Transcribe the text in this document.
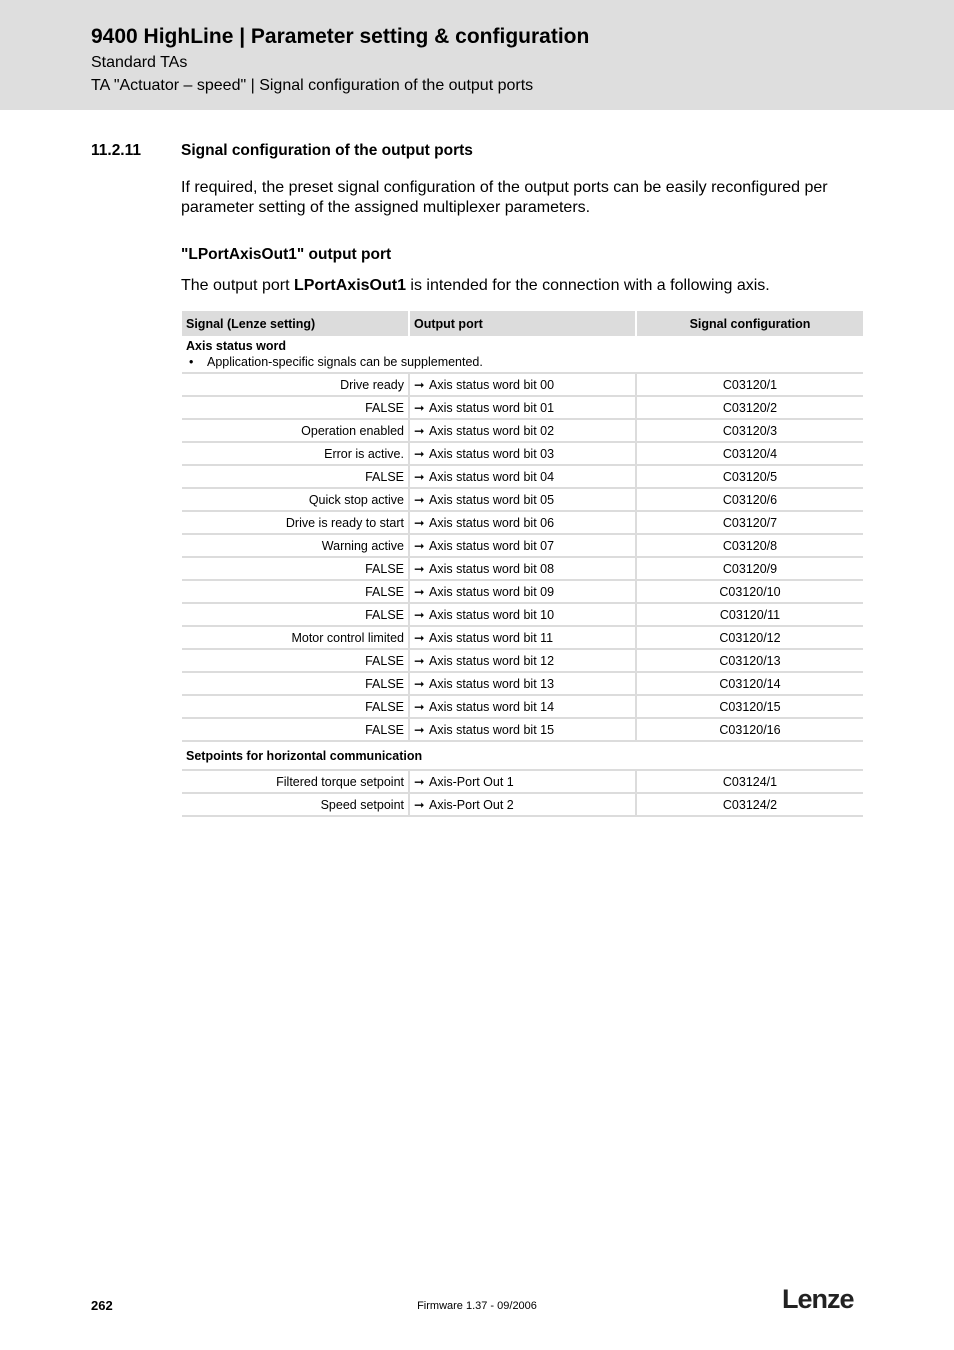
9400 HighLine | Parameter setting & configuration
Standard TAs
TA "Actuator – speed" | Signal configuration of the output ports
11.2.11	Signal configuration of the output ports
If required, the preset signal configuration of the output ports can be easily reconfigured per parameter setting of the assigned multiplexer parameters.
"LPortAxisOut1" output port
The output port LPortAxisOut1 is intended for the connection with a following axis.
Signal (Lenze setting)	Output port	Signal configuration

Axis status word
• Application-specific signals can be supplemented.		

Drive ready	➞ Axis status word bit 00	C03120/1
FALSE	➞ Axis status word bit 01	C03120/2
Operation enabled	➞ Axis status word bit 02	C03120/3
Error is active.	➞ Axis status word bit 03	C03120/4
FALSE	➞ Axis status word bit 04	C03120/5
Quick stop active	➞ Axis status word bit 05	C03120/6
Drive is ready to start	➞ Axis status word bit 06	C03120/7
Warning active	➞ Axis status word bit 07	C03120/8
FALSE	➞ Axis status word bit 08	C03120/9
FALSE	➞ Axis status word bit 09	C03120/10
FALSE	➞ Axis status word bit 10	C03120/11
Motor control limited	➞ Axis status word bit 11	C03120/12
FALSE	➞ Axis status word bit 12	C03120/13
FALSE	➞ Axis status word bit 13	C03120/14
FALSE	➞ Axis status word bit 14	C03120/15
FALSE	➞ Axis status word bit 15	C03120/16

Setpoints for horizontal communication		

Filtered torque setpoint	➞ Axis-Port Out 1	C03124/1
Speed setpoint	➞ Axis-Port Out 2	C03124/2
262	Firmware 1.37 - 09/2006	Lenze
